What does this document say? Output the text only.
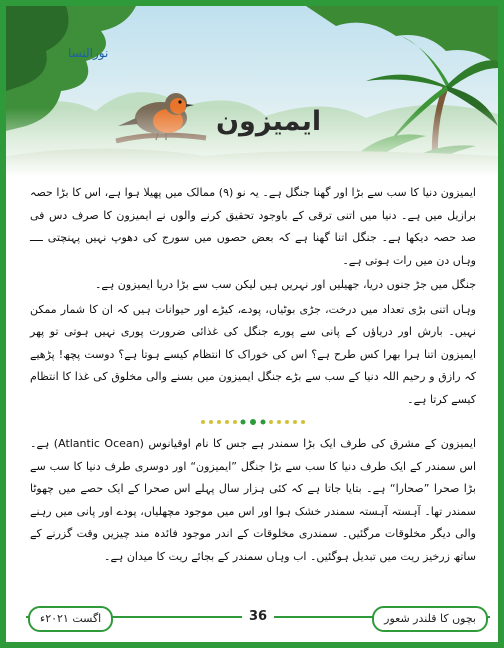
نورالنسا
ایمیزون

ایمیزون دنیا کا سب سے بڑا اور گھنا جنگل ہے۔ یہ نو (۹) ممالک میں پھیلا ہوا ہے، اس کا بڑا حصہ برازیل میں ہے۔ دنیا میں اتنی ترقی کے باوجود تحقیق کرنے والوں نے ایمیزون کا صرف دس فی صد حصہ دیکھا ہے۔ جنگل اتنا گھنا ہے کہ بعض حصوں میں سورج کی دھوپ نہیں پہنچتی ــــ وہاں دن میں رات ہوتی ہے۔

جنگل میں جڑ جنوں دریا، جھیلیں اور نہریں ہیں لیکن سب سے بڑا دریا ایمیزون ہے۔

وہاں اتنی بڑی تعداد میں درخت، جڑی بوٹیاں، پودے، کیڑے اور حیوانات ہیں کہ ان کا شمار ممکن نہیں۔ بارش اور دریاؤں کے پانی سے پورے جنگل کی غذائی ضرورت پوری نہیں ہوتی تو پھر ایمیزون اتنا ہرا بھرا کس طرح ہے؟ اس کی خوراک کا انتظام کیسے ہوتا ہے؟ دوست پچھ! پڑھیے کہ رازق و رحیم اللہ دنیا کے سب سے بڑے جنگل ایمیزون میں بسنے والی مخلوق کی غذا کا انتظام کیسے کرتا ہے۔

ایمیزون کے مشرق کی طرف ایک بڑا سمندر ہے جس کا نام اوقیانوس (Atlantic Ocean) ہے۔ اس سمندر کے ایک طرف دنیا کا سب سے بڑا جنگل ”ایمیزون“ اور دوسری طرف دنیا کا سب سے بڑا صحرا ”صحارا“ ہے۔ بتایا جاتا ہے کہ کئی ہزار سال پہلے اس صحرا کے ایک حصے میں چھوٹا سمندر تھا۔ آہستہ آہستہ سمندر خشک ہوا اور اس میں موجود مچھلیاں، پودے اور پانی میں رہنے والی دیگر مخلوقات مرگئیں۔ سمندری مخلوقات کے اندر موجود فائدہ مند چیزیں وقت گزرنے کے ساتھ زرخیز ریت میں تبدیل ہوگئیں۔ اب وہاں سمندر کے بجائے ریت کا میدان ہے۔

اگست ۲۰۲۱ء	36	بچوں کا قلندر شعور
